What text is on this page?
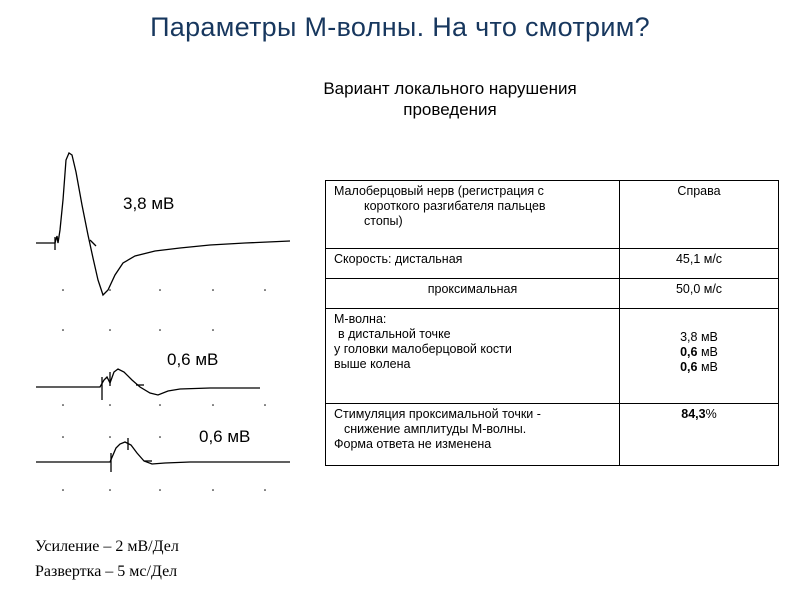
Параметры М-волны. На что смотрим?
Вариант локального нарушения
проведения
3,8 мВ
0,6 мВ
0,6 мВ
Малоберцовый нерв (регистрация с

короткого разгибателя пальцев
стопы)	Справа
Скорость: дистальная	45,1 м/с
проксимальная	50,0 м/с
М-волна:
в дистальной точке
у головки малоберцовой кости
выше колена	3,8 мВ
0,6 мВ
0,6 мВ
Стимуляция проксимальной точки -

снижение амплитуды М-волны.
Форма ответа не изменена	84,3%
Усиление – 2 мВ/Дел
Развертка – 5 мс/Дел
